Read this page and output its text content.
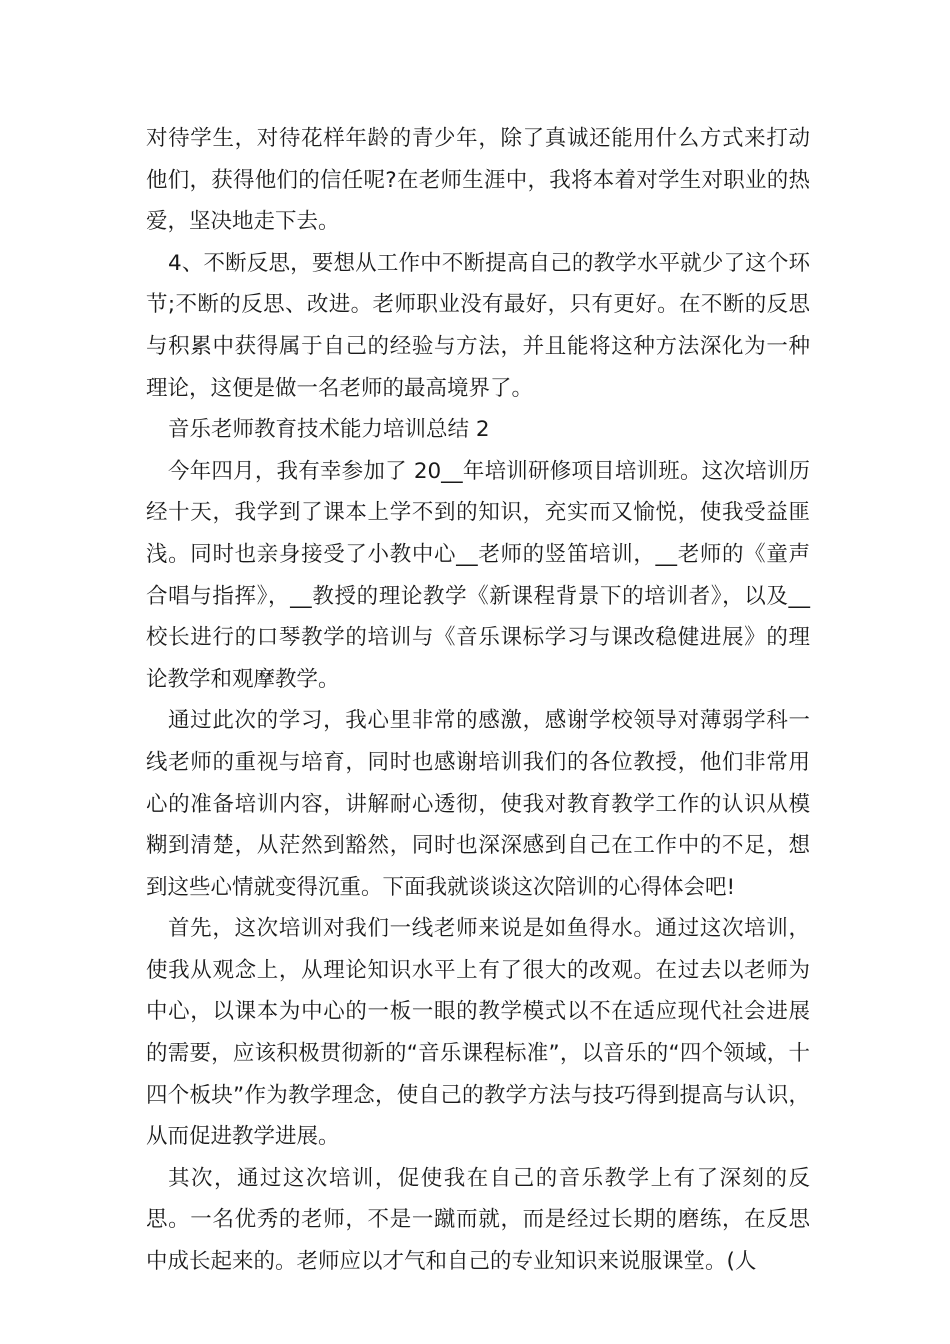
对待学生，对待花样年龄的青少年，除了真诚还能用什么方式来打动他们，获得他们的信任呢?在老师生涯中，我将本着对学生对职业的热爱，坚决地走下去。

4、不断反思，要想从工作中不断提高自己的教学水平就少了这个环节;不断的反思、改进。老师职业没有最好，只有更好。在不断的反思与积累中获得属于自己的经验与方法，并且能将这种方法深化为一种理论，这便是做一名老师的最高境界了。

音乐老师教育技术能力培训总结 2

今年四月，我有幸参加了 20__年培训研修项目培训班。这次培训历经十天，我学到了课本上学不到的知识，充实而又愉悦，使我受益匪浅。同时也亲身接受了小教中心__老师的竖笛培训，__老师的《童声合唱与指挥》，__教授的理论教学《新课程背景下的培训者》，以及__校长进行的口琴教学的培训与《音乐课标学习与课改稳健进展》的理论教学和观摩教学。

通过此次的学习，我心里非常的感激，感谢学校领导对薄弱学科一线老师的重视与培育，同时也感谢培训我们的各位教授，他们非常用心的准备培训内容，讲解耐心透彻，使我对教育教学工作的认识从模糊到清楚，从茫然到豁然，同时也深深感到自己在工作中的不足，想到这些心情就变得沉重。下面我就谈谈这次陪训的心得体会吧!

首先，这次培训对我们一线老师来说是如鱼得水。通过这次培训，使我从观念上，从理论知识水平上有了很大的改观。在过去以老师为中心，以课本为中心的一板一眼的教学模式以不在适应现代社会进展的需要，应该积极贯彻新的“音乐课程标准”，以音乐的“四个领域，十四个板块”作为教学理念，使自己的教学方法与技巧得到提高与认识，从而促进教学进展。

其次，通过这次培训，促使我在自己的音乐教学上有了深刻的反思。一名优秀的老师，不是一蹴而就，而是经过长期的磨练，在反思中成长起来的。老师应以才气和自己的专业知识来说服课堂。(人
